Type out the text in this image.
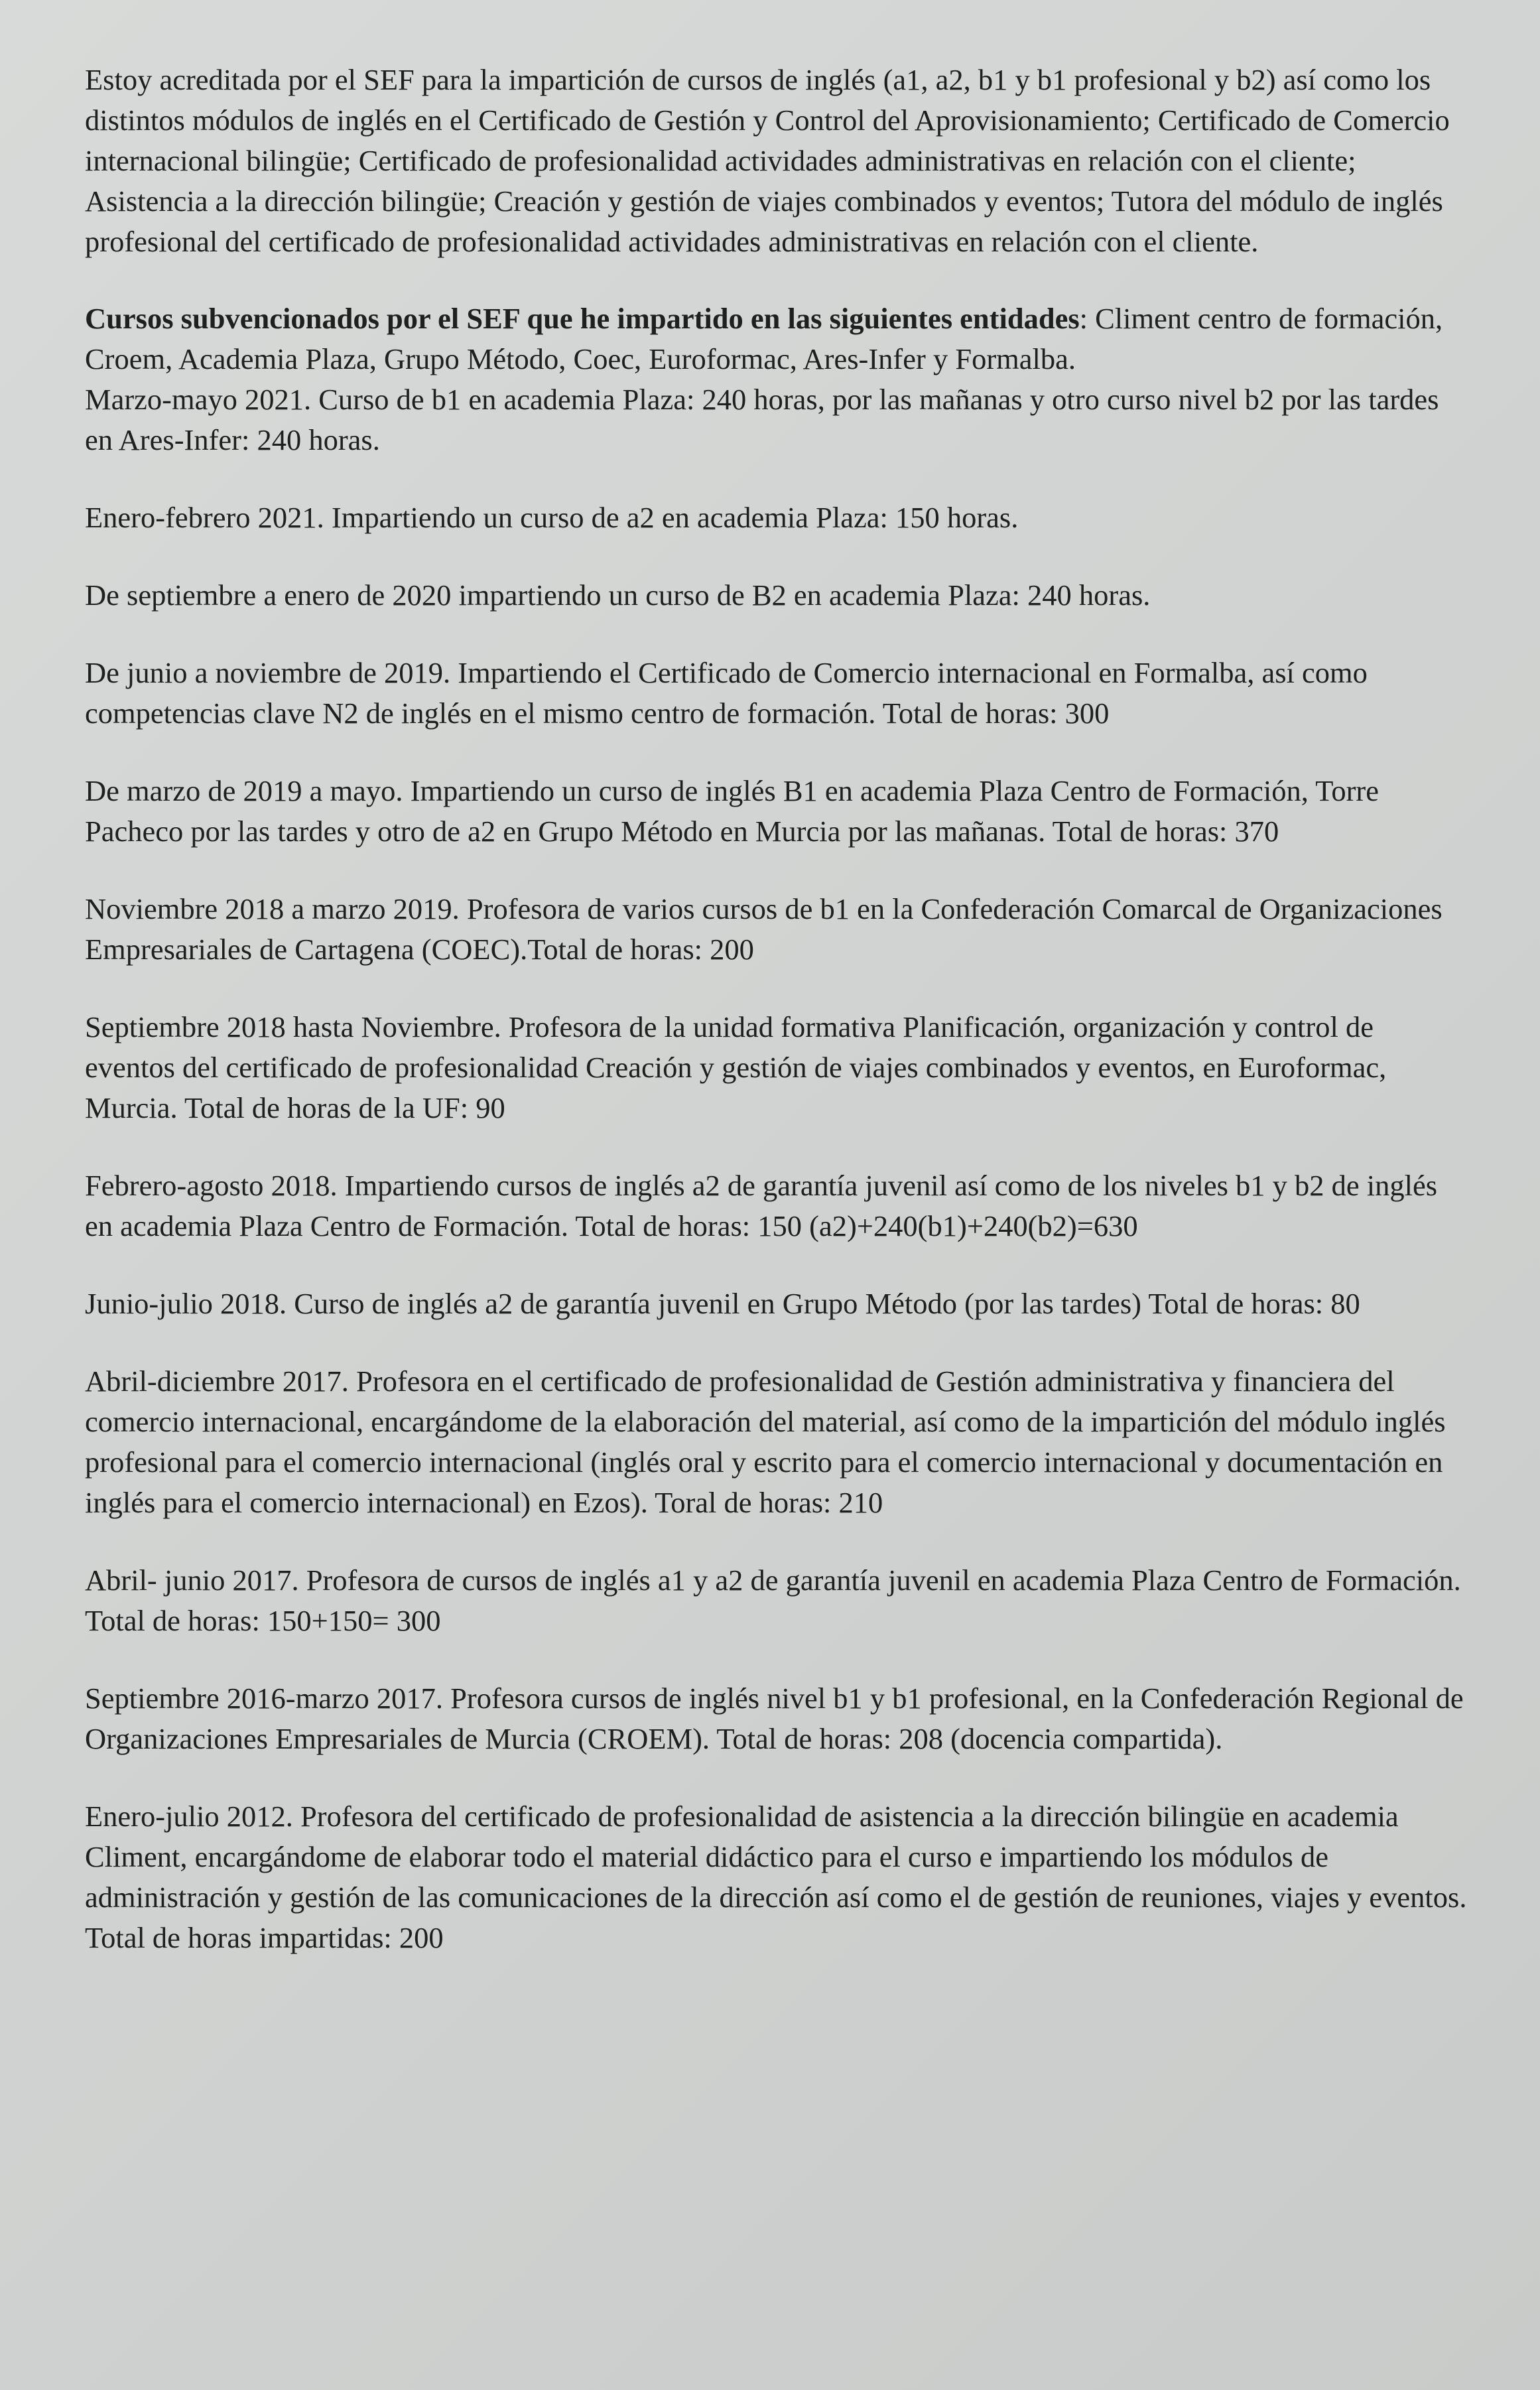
Estoy acreditada por el SEF para la impartición de cursos de inglés (a1, a2, b1 y b1 profesional y b2) así como los distintos módulos de inglés en el Certificado de Gestión y Control del Aprovisionamiento; Certificado de Comercio internacional bilingüe; Certificado de profesionalidad actividades administrativas en relación con el cliente; Asistencia a la dirección bilingüe; Creación y gestión de viajes combinados y eventos; Tutora del módulo de inglés profesional del certificado de profesionalidad actividades administrativas en relación con el cliente.

Cursos subvencionados por el SEF que he impartido en las siguientes entidades: Climent centro de formación, Croem, Academia Plaza, Grupo Método, Coec, Euroformac, Ares-Infer y Formalba.

Marzo-mayo 2021. Curso de b1 en academia Plaza: 240 horas, por las mañanas y otro curso nivel b2 por las tardes en Ares-Infer: 240 horas.

Enero-febrero 2021. Impartiendo un curso de a2 en academia Plaza: 150 horas.

De septiembre a enero de 2020 impartiendo un curso de B2 en academia Plaza: 240 horas.

De junio a noviembre de 2019. Impartiendo el Certificado de Comercio internacional en Formalba, así como competencias clave N2 de inglés en el mismo centro de formación. Total de horas: 300

De marzo de 2019 a mayo. Impartiendo un curso de inglés B1 en academia Plaza Centro de Formación, Torre Pacheco por las tardes y otro de a2 en Grupo Método en Murcia por las mañanas. Total de horas: 370

Noviembre 2018 a marzo 2019. Profesora de varios cursos de b1 en la Confederación Comarcal de Organizaciones Empresariales de Cartagena (COEC).Total de horas: 200

Septiembre 2018 hasta Noviembre. Profesora de la unidad formativa Planificación, organización y control de eventos del certificado de profesionalidad Creación y gestión de viajes combinados y eventos, en Euroformac, Murcia. Total de horas de la UF: 90

Febrero-agosto 2018. Impartiendo cursos de inglés a2 de garantía juvenil así como de los niveles b1 y b2 de inglés en academia Plaza Centro de Formación. Total de horas: 150 (a2)+240(b1)+240(b2)=630

Junio-julio 2018. Curso de inglés a2 de garantía juvenil en Grupo Método (por las tardes) Total de horas: 80

Abril-diciembre 2017. Profesora en el certificado de profesionalidad de Gestión administrativa y financiera del comercio internacional, encargándome de la elaboración del material, así como de la impartición del módulo inglés profesional para el comercio internacional (inglés oral y escrito para el comercio internacional y documentación en inglés para el comercio internacional) en Ezos). Toral de horas: 210

Abril- junio 2017. Profesora de cursos de inglés a1 y a2 de garantía juvenil en academia Plaza Centro de Formación. Total de horas: 150+150= 300

Septiembre 2016-marzo 2017. Profesora cursos de inglés nivel b1 y b1 profesional, en la Confederación Regional de Organizaciones Empresariales de Murcia (CROEM). Total de horas: 208 (docencia compartida).

Enero-julio 2012. Profesora del certificado de profesionalidad de asistencia a la dirección bilingüe en academia Climent, encargándome de elaborar todo el material didáctico para el curso e impartiendo los módulos de administración y gestión de las comunicaciones de la dirección así como el de gestión de reuniones, viajes y eventos. Total de horas impartidas: 200
